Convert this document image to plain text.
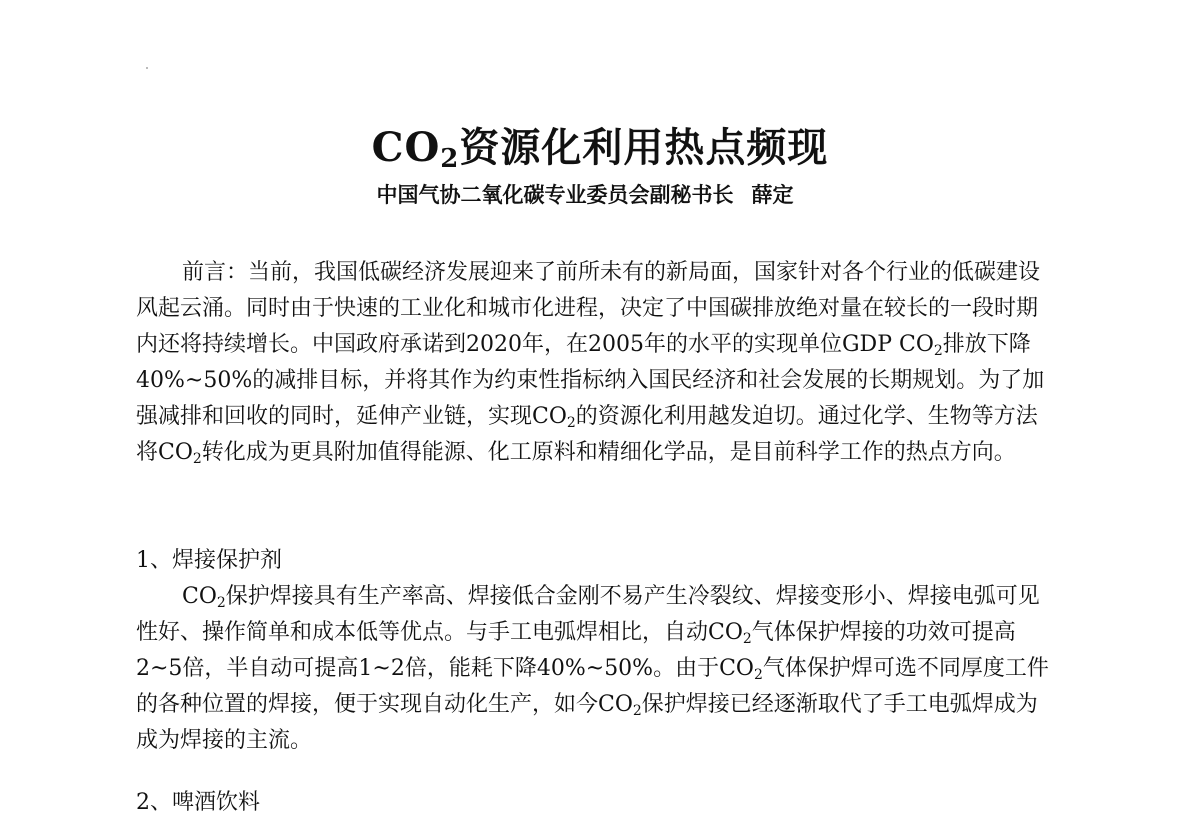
$CO_2$资源化利用热点频现

中国气协二氧化碳专业委员会副秘书长 薛定

前言：当前，我国低碳经济发展迎来了前所未有的新局面，国家针对各个行业的低碳建设风起云涌。同时由于快速的工业化和城市化进程，决定了中国碳排放绝对量在较长的一段时期内还将持续增长。中国政府承诺到2020年，在2005年的水平的实现单位GDP $CO_2$排放下降40%~50%的减排目标，并将其作为约束性指标纳入国民经济和社会发展的长期规划。为了加强减排和回收的同时，延伸产业链，实现$CO_2$的资源化利用越发迫切。通过化学、生物等方法将$CO_2$转化成为更具附加值得能源、化工原料和精细化学品，是目前科学工作的热点方向。

1、焊接保护剂

$CO_2$保护焊接具有生产率高、焊接低合金刚不易产生冷裂纹、焊接变形小、焊接电弧可见性好、操作简单和成本低等优点。与手工电弧焊相比，自动$CO_2$气体保护焊接的功效可提高2~5倍，半自动可提高1~2倍，能耗下降40%~50%。由于$CO_2$气体保护焊可选不同厚度工件的各种位置的焊接，便于实现自动化生产，如今$CO_2$保护焊接已经逐渐取代了手工电弧焊成为成为焊接的主流。

2、啤酒饮料
